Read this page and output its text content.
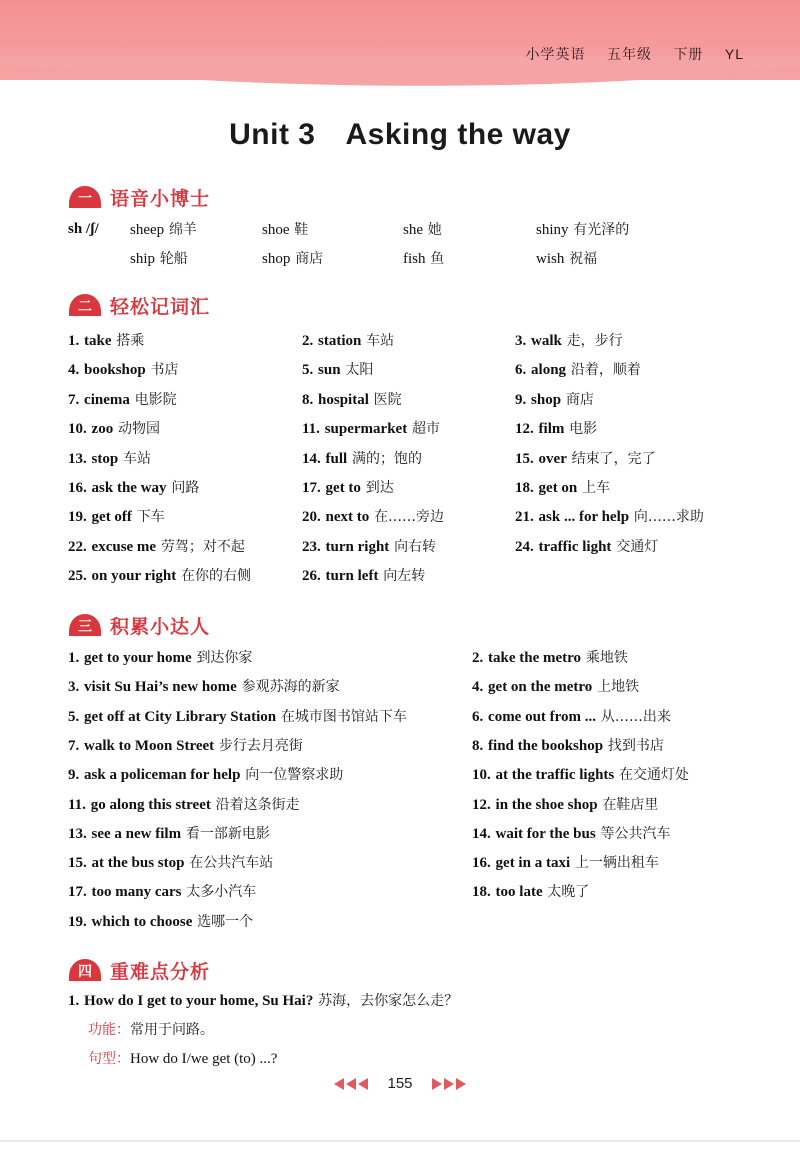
小学英语 五年级 下册 YL
Unit 3 Asking the way
一 语音小博士
二 轻松记词汇
三 积累小达人
四 重难点分析
sh /ʃ/ sheep 绵羊	shoe 鞋	she 她	shiny 有光泽的
ship 轮船	shop 商店	fish 鱼	wish 祝福
1. take 搭乘	2. station 车站	3. walk 走，步行
4. bookshop 书店	5. sun 太阳	6. along 沿着，顺着
7. cinema 电影院	8. hospital 医院	9. shop 商店
10. zoo 动物园	11. supermarket 超市	12. film 电影
13. stop 车站	14. full 满的；饱的	15. over 结束了，完了
16. ask the way 问路	17. get to 到达	18. get on 上车
19. get off 下车	20. next to 在……旁边	21. ask ... for help 向……求助
22. excuse me 劳驾；对不起	23. turn right 向右转	24. traffic light 交通灯
25. on your right 在你的右侧	26. turn left 向左转
1. get to your home 到达你家	2. take the metro 乘地铁
3. visit Su Hai’s new home 参观苏海的新家	4. get on the metro 上地铁
5. get off at City Library Station 在城市图书馆站下车	6. come out from ... 从……出来
7. walk to Moon Street 步行去月亮街	8. find the bookshop 找到书店
9. ask a policeman for help 向一位警察求助	10. at the traffic lights 在交通灯处
11. go along this street 沿着这条街走	12. in the shoe shop 在鞋店里
13. see a new film 看一部新电影	14. wait for the bus 等公共汽车
15. at the bus stop 在公共汽车站	16. get in a taxi 上一辆出租车
17. too many cars 太多小汽车	18. too late 太晚了
19. which to choose 选哪一个
1. How do I get to your home, Su Hai? 苏海，去你家怎么走？
功能：常用于问路。
句型：How do I/we get (to) ...?
155
